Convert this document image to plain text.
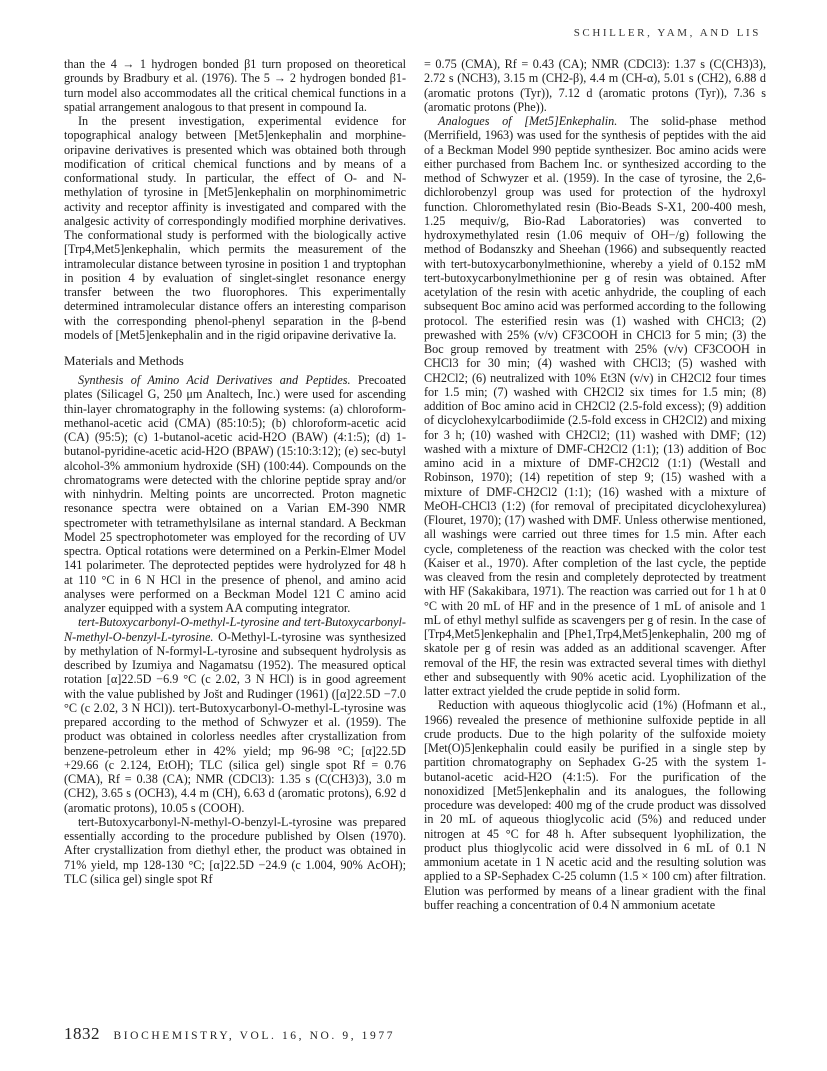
SCHILLER, YAM, AND LIS

than the 4 → 1 hydrogen bonded β1 turn proposed on theoretical grounds by Bradbury et al. (1976). The 5 → 2 hydrogen bonded β1-turn model also accommodates all the critical chemical functions in a spatial arrangement analogous to that present in compound Ia.

In the present investigation, experimental evidence for topographical analogy between [Met5]enkephalin and morphine-oripavine derivatives is presented which was obtained both through modification of critical chemical functions and by means of a conformational study. In particular, the effect of O- and N-methylation of tyrosine in [Met5]enkephalin on morphinomimetric activity and receptor affinity is investigated and compared with the analgesic activity of correspondingly modified morphine derivatives. The conformational study is performed with the biologically active [Trp4,Met5]enkephalin, which permits the measurement of the intramolecular distance between tyrosine in position 1 and tryptophan in position 4 by evaluation of singlet-singlet resonance energy transfer between the two fluorophores. This experimentally determined intramolecular distance offers an interesting comparison with the corresponding phenol-phenyl separation in the β-bend models of [Met5]enkephalin and in the rigid oripavine derivative Ia.

Materials and Methods

Synthesis of Amino Acid Derivatives and Peptides. Precoated plates (Silicagel G, 250 μm Analtech, Inc.) were used for ascending thin-layer chromatography in the following systems: (a) chloroform-methanol-acetic acid (CMA) (85:10:5); (b) chloroform-acetic acid (CA) (95:5); (c) 1-butanol-acetic acid-H2O (BAW) (4:1:5); (d) 1-butanol-pyridine-acetic acid-H2O (BPAW) (15:10:3:12); (e) sec-butyl alcohol-3% ammonium hydroxide (SH) (100:44). Compounds on the chromatograms were detected with the chlorine peptide spray and/or with ninhydrin. Melting points are uncorrected. Proton magnetic resonance spectra were obtained on a Varian EM-390 NMR spectrometer with tetramethylsilane as internal standard. A Beckman Model 25 spectrophotometer was employed for the recording of UV spectra. Optical rotations were determined on a Perkin-Elmer Model 141 polarimeter. The deprotected peptides were hydrolyzed for 48 h at 110 °C in 6 N HCl in the presence of phenol, and amino acid analyses were performed on a Beckman Model 121 C amino acid analyzer equipped with a system AA computing integrator.

tert-Butoxycarbonyl-O-methyl-L-tyrosine and tert-Butoxycarbonyl-N-methyl-O-benzyl-L-tyrosine. O-Methyl-L-tyrosine was synthesized by methylation of N-formyl-L-tyrosine and subsequent hydrolysis as described by Izumiya and Nagamatsu (1952). The measured optical rotation [α]22.5D −6.9 °C (c 2.02, 3 N HCl) is in good agreement with the value published by Jošt and Rudinger (1961) ([α]22.5D −7.0 °C (c 2.02, 3 N HCl)). tert-Butoxycarbonyl-O-methyl-L-tyrosine was prepared according to the method of Schwyzer et al. (1959). The product was obtained in colorless needles after crystallization from benzene-petroleum ether in 42% yield; mp 96-98 °C; [α]22.5D +29.66 (c 2.124, EtOH); TLC (silica gel) single spot Rf = 0.76 (CMA), Rf = 0.38 (CA); NMR (CDCl3): 1.35 s (C(CH3)3), 3.0 m (CH2), 3.65 s (OCH3), 4.4 m (CH), 6.63 d (aromatic protons), 6.92 d (aromatic protons), 10.05 s (COOH).

tert-Butoxycarbonyl-N-methyl-O-benzyl-L-tyrosine was prepared essentially according to the procedure published by Olsen (1970). After crystallization from diethyl ether, the product was obtained in 71% yield, mp 128-130 °C; [α]22.5D −24.9 (c 1.004, 90% AcOH); TLC (silica gel) single spot Rf

= 0.75 (CMA), Rf = 0.43 (CA); NMR (CDCl3): 1.37 s (C(CH3)3), 2.72 s (NCH3), 3.15 m (CH2-β), 4.4 m (CH-α), 5.01 s (CH2), 6.88 d (aromatic protons (Tyr)), 7.12 d (aromatic protons (Tyr)), 7.36 s (aromatic protons (Phe)).

Analogues of [Met5]Enkephalin. The solid-phase method (Merrifield, 1963) was used for the synthesis of peptides with the aid of a Beckman Model 990 peptide synthesizer. Boc amino acids were either purchased from Bachem Inc. or synthesized according to the method of Schwyzer et al. (1959). In the case of tyrosine, the 2,6-dichlorobenzyl group was used for protection of the hydroxyl function. Chloromethylated resin (Bio-Beads S-X1, 200-400 mesh, 1.25 mequiv/g, Bio-Rad Laboratories) was converted to hydroxymethylated resin (1.06 mequiv of OH−/g) following the method of Bodanszky and Sheehan (1966) and subsequently reacted with tert-butoxycarbonylmethionine, whereby a yield of 0.152 mM tert-butoxycarbonylmethionine per g of resin was obtained. After acetylation of the resin with acetic anhydride, the coupling of each subsequent Boc amino acid was performed according to the following protocol. The esterified resin was (1) washed with CHCl3; (2) prewashed with 25% (v/v) CF3COOH in CHCl3 for 5 min; (3) the Boc group removed by treatment with 25% (v/v) CF3COOH in CHCl3 for 30 min; (4) washed with CHCl3; (5) washed with CH2Cl2; (6) neutralized with 10% Et3N (v/v) in CH2Cl2 four times for 1.5 min; (7) washed with CH2Cl2 six times for 1.5 min; (8) addition of Boc amino acid in CH2Cl2 (2.5-fold excess); (9) addition of dicyclohexylcarbodiimide (2.5-fold excess in CH2Cl2) and mixing for 3 h; (10) washed with CH2Cl2; (11) washed with DMF; (12) washed with a mixture of DMF-CH2Cl2 (1:1); (13) addition of Boc amino acid in a mixture of DMF-CH2Cl2 (1:1) (Westall and Robinson, 1970); (14) repetition of step 9; (15) washed with a mixture of DMF-CH2Cl2 (1:1); (16) washed with a mixture of MeOH-CHCl3 (1:2) (for removal of precipitated dicyclohexylurea) (Flouret, 1970); (17) washed with DMF. Unless otherwise mentioned, all washings were carried out three times for 1.5 min. After each cycle, completeness of the reaction was checked with the color test (Kaiser et al., 1970). After completion of the last cycle, the peptide was cleaved from the resin and completely deprotected by treatment with HF (Sakakibara, 1971). The reaction was carried out for 1 h at 0 °C with 20 mL of HF and in the presence of 1 mL of anisole and 1 mL of ethyl methyl sulfide as scavengers per g of resin. In the case of [Trp4,Met5]enkephalin and [Phe1,Trp4,Met5]enkephalin, 200 mg of skatole per g of resin was added as an additional scavenger. After removal of the HF, the resin was extracted several times with diethyl ether and subsequently with 90% acetic acid. Lyophilization of the latter extract yielded the crude peptide in solid form.

Reduction with aqueous thioglycolic acid (1%) (Hofmann et al., 1966) revealed the presence of methionine sulfoxide peptide in all crude products. Due to the high polarity of the sulfoxide moiety [Met(O)5]enkephalin could easily be purified in a single step by partition chromatography on Sephadex G-25 with the system 1-butanol-acetic acid-H2O (4:1:5). For the purification of the nonoxidized [Met5]enkephalin and its analogues, the following procedure was developed: 400 mg of the crude product was dissolved in 20 mL of aqueous thioglycolic acid (5%) and reduced under nitrogen at 45 °C for 48 h. After subsequent lyophilization, the product plus thioglycolic acid were dissolved in 6 mL of 0.1 N ammonium acetate in 1 N acetic acid and the resulting solution was applied to a SP-Sephadex C-25 column (1.5 × 100 cm) after filtration. Elution was performed by means of a linear gradient with the final buffer reaching a concentration of 0.4 N ammonium acetate

1832 BIOCHEMISTRY, VOL. 16, NO. 9, 1977
